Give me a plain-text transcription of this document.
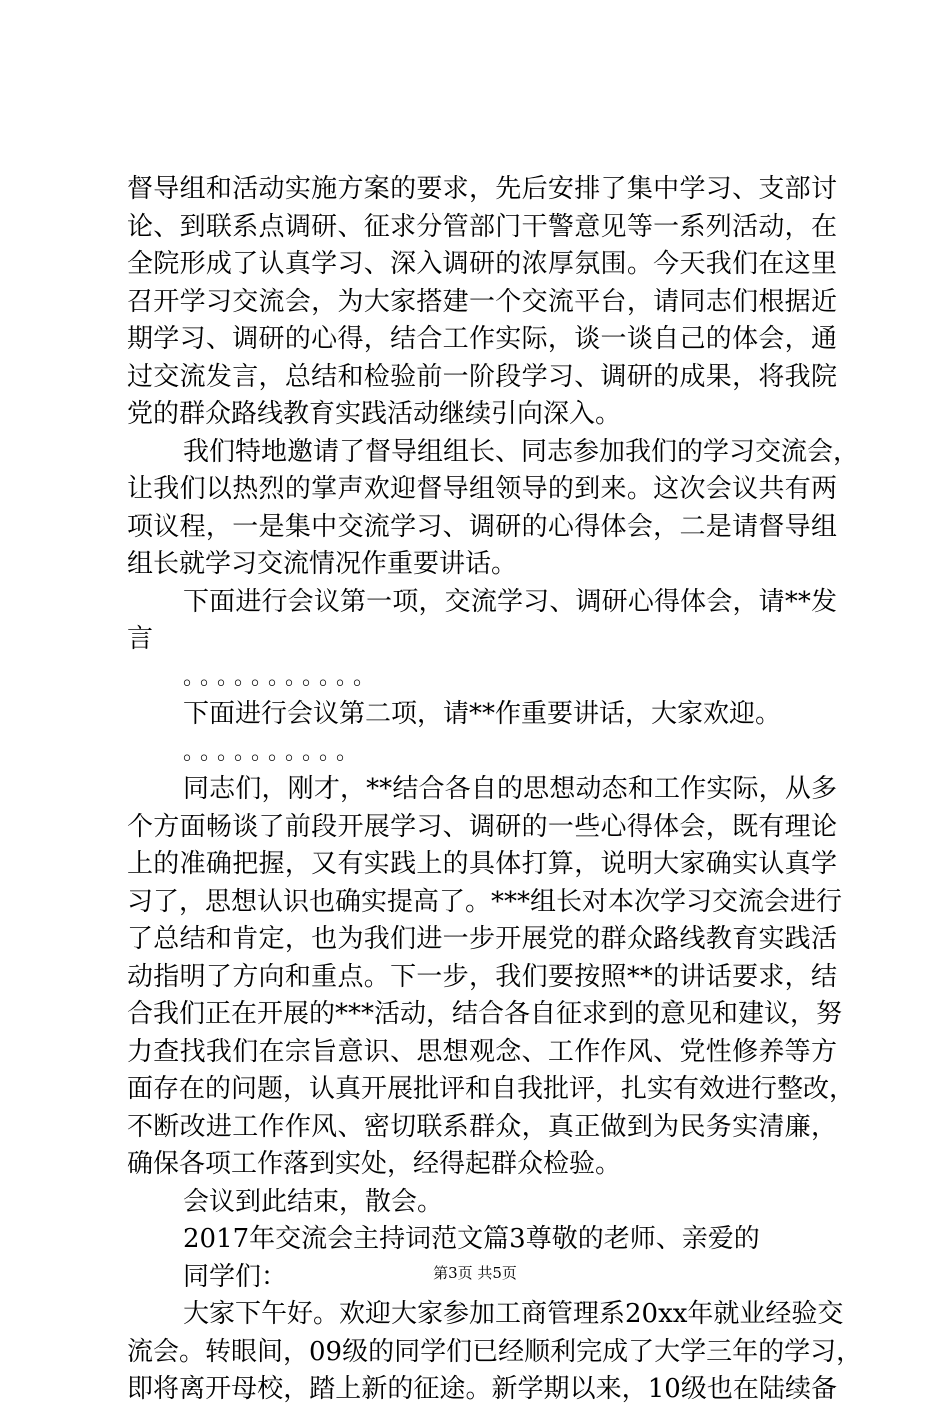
督导组和活动实施方案的要求，先后安排了集中学习、支部讨
论、到联系点调研、征求分管部门干警意见等一系列活动，在
全院形成了认真学习、深入调研的浓厚氛围。今天我们在这里
召开学习交流会，为大家搭建一个交流平台，请同志们根据近
期学习、调研的心得，结合工作实际，谈一谈自己的体会，通
过交流发言，总结和检验前一阶段学习、调研的成果，将我院
党的群众路线教育实践活动继续引向深入。
我们特地邀请了督导组组长、同志参加我们的学习交流会，
让我们以热烈的掌声欢迎督导组领导的到来。这次会议共有两
项议程，一是集中交流学习、调研的心得体会，二是请督导组
组长就学习交流情况作重要讲话。
下面进行会议第一项，交流学习、调研心得体会，请**发
言
。。。。。。。。。。。
下面进行会议第二项，请**作重要讲话，大家欢迎。
。。。。。。。。。。
同志们，刚才，**结合各自的思想动态和工作实际，从多
个方面畅谈了前段开展学习、调研的一些心得体会，既有理论
上的准确把握，又有实践上的具体打算，说明大家确实认真学
习了，思想认识也确实提高了。***组长对本次学习交流会进行
了总结和肯定，也为我们进一步开展党的群众路线教育实践活
动指明了方向和重点。下一步，我们要按照**的讲话要求，结
合我们正在开展的***活动，结合各自征求到的意见和建议，努
力查找我们在宗旨意识、思想观念、工作作风、党性修养等方
面存在的问题，认真开展批评和自我批评，扎实有效进行整改，
不断改进工作作风、密切联系群众，真正做到为民务实清廉，
确保各项工作落到实处，经得起群众检验。
会议到此结束，散会。
2017年交流会主持词范文篇3尊敬的老师、亲爱的
同学们：
大家下午好。欢迎大家参加工商管理系20xx年就业经验交
流会。转眼间，09级的同学们已经顺利完成了大学三年的学习，
即将离开母校，踏上新的征途。新学期以来，10级也在陆续备
第3页 共5页
